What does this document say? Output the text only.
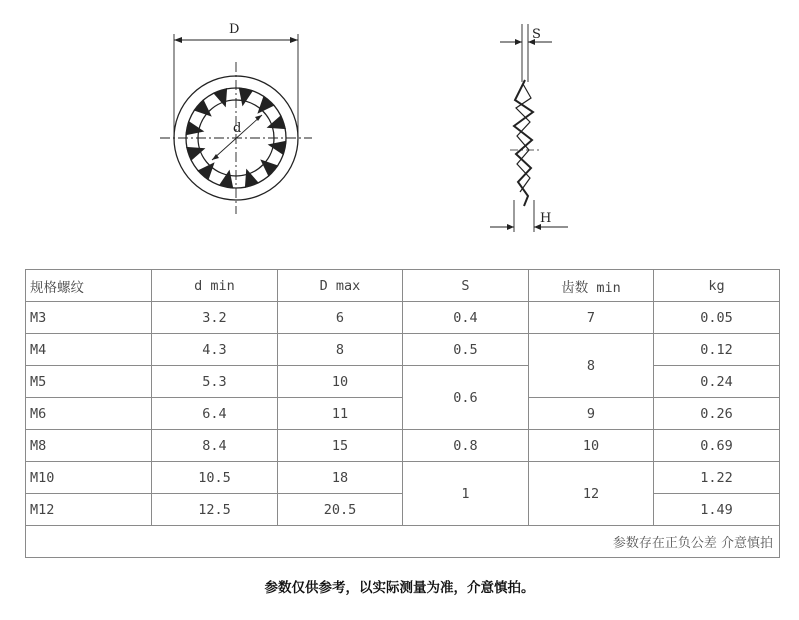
D
d
S
H
规格螺纹	d min	D max	S	齿数 min	kg
M3	3.2	6	0.4	7	0.05
M4	4.3	8	0.5	8	0.12
M5	5.3	10	0.6		0.24
M6	6.4	11		9	0.26
M8	8.4	15	0.8	10	0.69
M10	10.5	18	1	12	1.22
M12	12.5	20.5			1.49
参数存在正负公差 介意慎拍					
参数仅供参考，以实际测量为准，介意慎拍。
